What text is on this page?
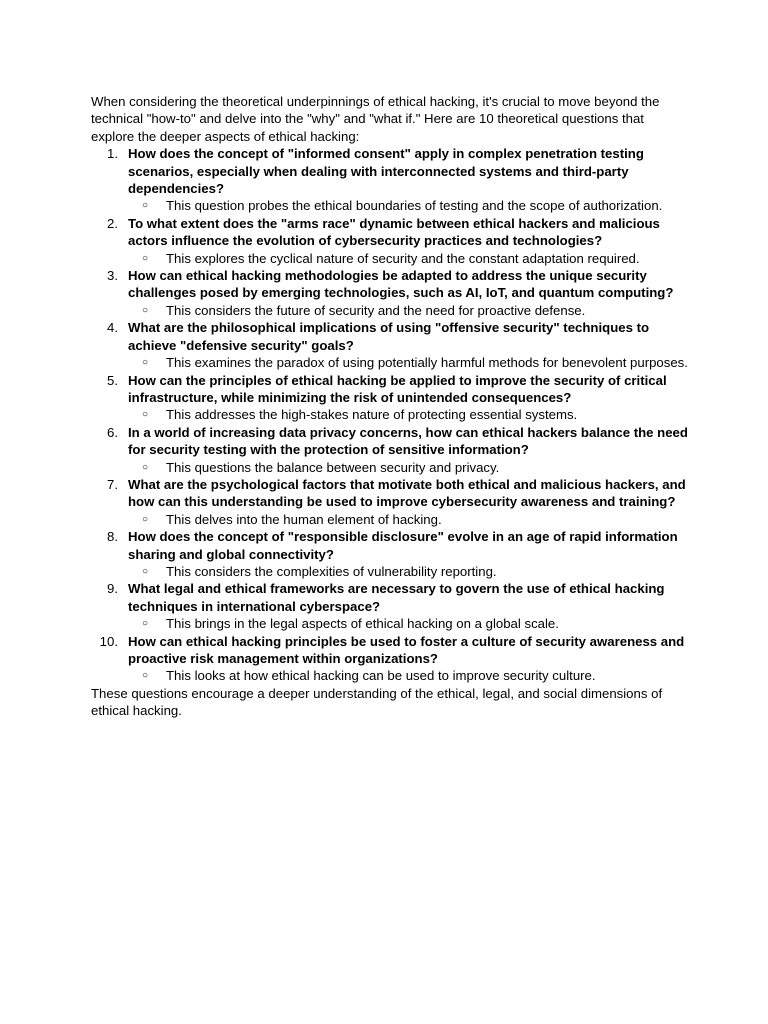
When considering the theoretical underpinnings of ethical hacking, it's crucial to move beyond the technical "how-to" and delve into the "why" and "what if." Here are 10 theoretical questions that explore the deeper aspects of ethical hacking:

1. How does the concept of "informed consent" apply in complex penetration testing scenarios, especially when dealing with interconnected systems and third-party dependencies?

○ This question probes the ethical boundaries of testing and the scope of authorization.
2. To what extent does the "arms race" dynamic between ethical hackers and malicious actors influence the evolution of cybersecurity practices and technologies?

○ This explores the cyclical nature of security and the constant adaptation required.
3. How can ethical hacking methodologies be adapted to address the unique security challenges posed by emerging technologies, such as AI, IoT, and quantum computing?

○ This considers the future of security and the need for proactive defense.
4. What are the philosophical implications of using "offensive security" techniques to achieve "defensive security" goals?

○ This examines the paradox of using potentially harmful methods for benevolent purposes.
5. How can the principles of ethical hacking be applied to improve the security of critical infrastructure, while minimizing the risk of unintended consequences?

○ This addresses the high-stakes nature of protecting essential systems.
6. In a world of increasing data privacy concerns, how can ethical hackers balance the need for security testing with the protection of sensitive information?

○ This questions the balance between security and privacy.
7. What are the psychological factors that motivate both ethical and malicious hackers, and how can this understanding be used to improve cybersecurity awareness and training?

○ This delves into the human element of hacking.
8. How does the concept of "responsible disclosure" evolve in an age of rapid information sharing and global connectivity?

○ This considers the complexities of vulnerability reporting.
9. What legal and ethical frameworks are necessary to govern the use of ethical hacking techniques in international cyberspace?

○ This brings in the legal aspects of ethical hacking on a global scale.
10. How can ethical hacking principles be used to foster a culture of security awareness and proactive risk management within organizations?

○ This looks at how ethical hacking can be used to improve security culture.

These questions encourage a deeper understanding of the ethical, legal, and social dimensions of ethical hacking.
